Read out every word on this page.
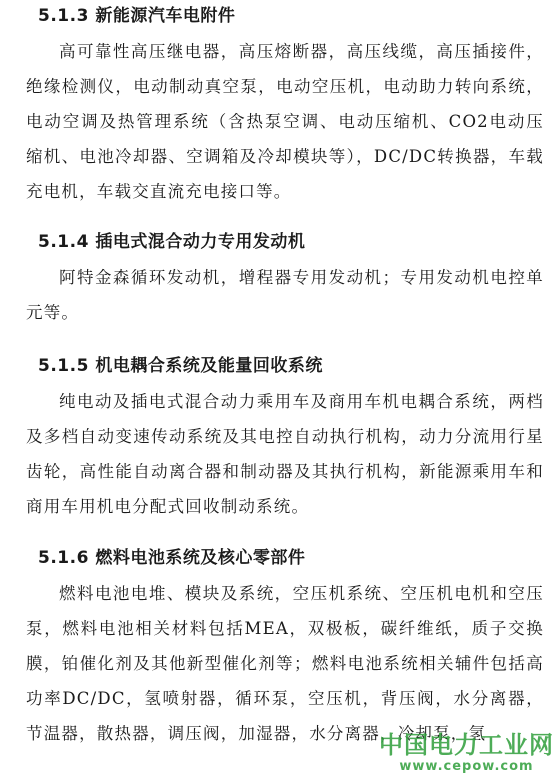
5.1.3 新能源汽车电附件

高可靠性高压继电器，高压熔断器，高压线缆，高压插接件，绝缘检测仪，电动制动真空泵，电动空压机，电动助力转向系统，电动空调及热管理系统（含热泵空调、电动压缩机、CO2电动压缩机、电池冷却器、空调箱及冷却模块等），DC/DC转换器，车载充电机，车载交直流充电接口等。

5.1.4 插电式混合动力专用发动机

阿特金森循环发动机，增程器专用发动机；专用发动机电控单元等。

5.1.5 机电耦合系统及能量回收系统

纯电动及插电式混合动力乘用车及商用车机电耦合系统，两档及多档自动变速传动系统及其电控自动执行机构，动力分流用行星齿轮，高性能自动离合器和制动器及其执行机构，新能源乘用车和商用车用机电分配式回收制动系统。

5.1.6 燃料电池系统及核心零部件

燃料电池电堆、模块及系统，空压机系统、空压机电机和空压泵，燃料电池相关材料包括MEA，双极板，碳纤维纸，质子交换膜，铂催化剂及其他新型催化剂等；燃料电池系统相关辅件包括高功率DC/DC，氢喷射器，循环泵，空压机，背压阀，水分离器，节温器，散热器，调压阀，加湿器，水分离器，冷却泵，氢

中国电力工业网
www.cepow.com
